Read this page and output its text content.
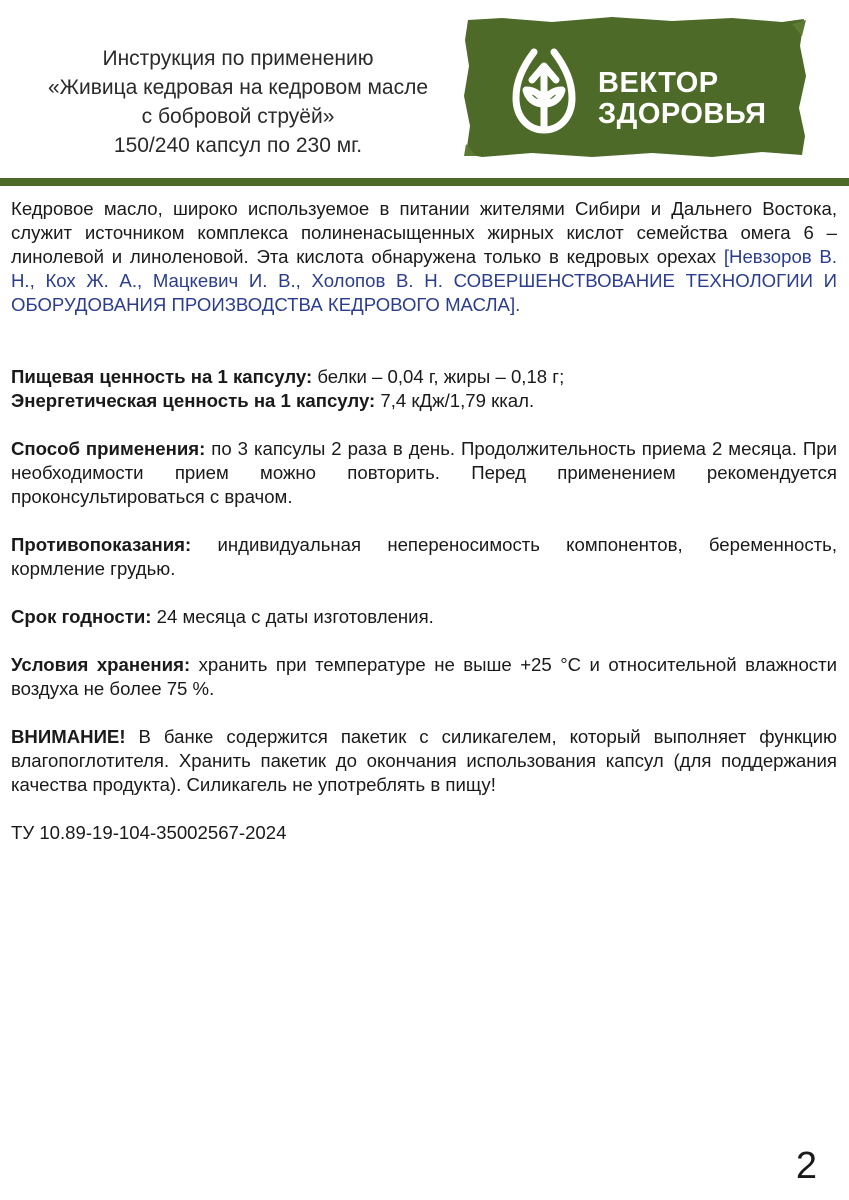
Инструкция по применению
«Живица кедровая на кедровом масле
с бобровой струёй»
150/240 капсул по 230 мг.
ВЕКТОР
ЗДОРОВЬЯ

Кедровое масло, широко используемое в питании жителями Сибири и Дальнего Востока, служит источником комплекса полиненасыщенных жирных кислот семейства омега 6 – линолевой и линоленовой. Эта кислота обнаружена только в кедровых орехах [Невзоров В. Н., Кох Ж. А., Мацкевич И. В., Холопов В. Н. СОВЕРШЕНСТВОВАНИЕ ТЕХНОЛОГИИ И ОБОРУДОВАНИЯ ПРОИЗВОДСТВА КЕДРОВОГО МАСЛА].

Пищевая ценность на 1 капсулу: белки – 0,04 г, жиры – 0,18 г;

Энергетическая ценность на 1 капсулу: 7,4 кДж/1,79 ккал.

Способ применения: по 3 капсулы 2 раза в день. Продолжительность приема 2 месяца. При необходимости прием можно повторить. Перед применением рекомендуется проконсультироваться с врачом.

Противопоказания: индивидуальная непереносимость компонентов, беременность, кормление грудью.

Срок годности: 24 месяца с даты изготовления.

Условия хранения: хранить при температуре не выше +25 °С и относительной влажности воздуха не более 75 %.

ВНИМАНИЕ! В банке содержится пакетик с силикагелем, который выполняет функцию влагопоглотителя. Хранить пакетик до окончания использования капсул (для поддержания качества продукта). Силикагель не употреблять в пищу!

ТУ 10.89-19-104-35002567-2024

2
